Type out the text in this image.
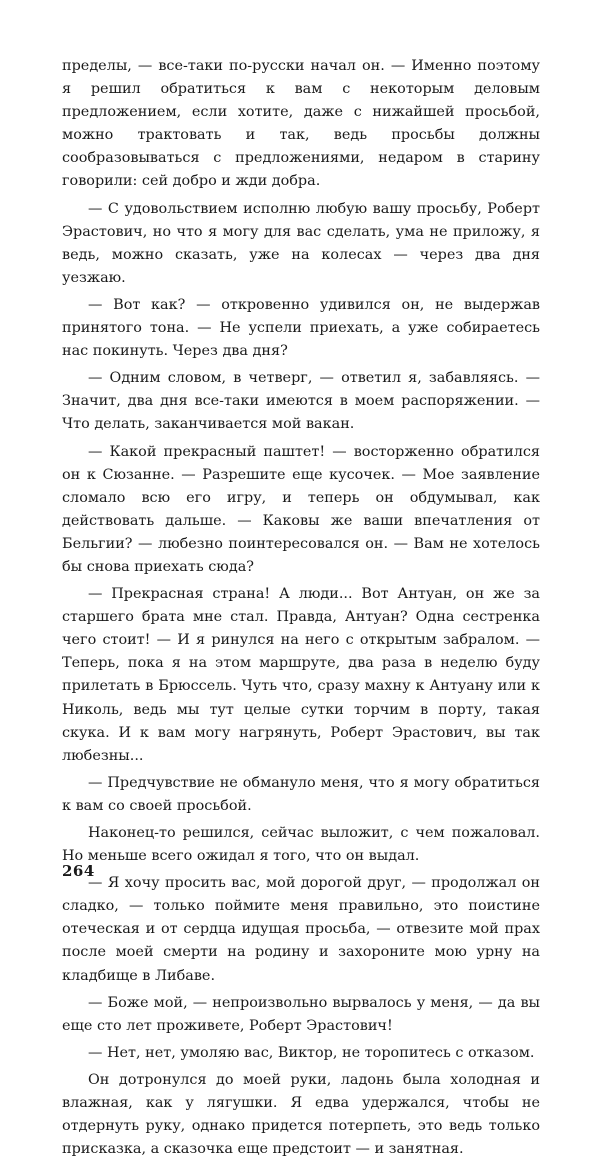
пределы, — все-таки по-русски начал он. — Именно поэтому я решил обратиться к вам с некоторым деловым предложением, если хотите, даже с нижайшей просьбой, можно трактовать и так, ведь просьбы должны сообразовываться с предложениями, недаром в старину говорили: сей добро и жди добра.

— С удовольствием исполню любую вашу просьбу, Роберт Эрастович, но что я могу для вас сделать, ума не приложу, я ведь, можно сказать, уже на колесах — через два дня уезжаю.

— Вот как? — откровенно удивился он, не выдержав принятого тона. — Не успели приехать, а уже собираетесь нас покинуть. Через два дня?

— Одним словом, в четверг, — ответил я, забавляясь. — Значит, два дня все-таки имеются в моем распоряжении. — Что делать, заканчивается мой вакан.

— Какой прекрасный паштет! — восторженно обратился он к Сюзанне. — Разрешите еще кусочек. — Мое заявление сломало всю его игру, и теперь он обдумывал, как действовать дальше. — Каковы же ваши впечатления от Бельгии? — любезно поинтересовался он. — Вам не хотелось бы снова приехать сюда?

— Прекрасная страна! А люди... Вот Антуан, он же за старшего брата мне стал. Правда, Антуан? Одна сестренка чего стоит! — И я ринулся на него с открытым забралом. — Теперь, пока я на этом маршруте, два раза в неделю буду прилетать в Брюссель. Чуть что, сразу махну к Антуану или к Николь, ведь мы тут целые сутки торчим в порту, такая скука. И к вам могу нагрянуть, Роберт Эрастович, вы так любезны...

— Предчувствие не обмануло меня, что я могу обратиться к вам со своей просьбой.

Наконец-то решился, сейчас выложит, с чем пожаловал. Но меньше всего ожидал я того, что он выдал.

— Я хочу просить вас, мой дорогой друг, — продолжал он сладко, — только поймите меня правильно, это поистине отеческая и от сердца идущая просьба, — отвезите мой прах после моей смерти на родину и захороните мою урну на кладбище в Либаве.

— Боже мой, — непроизвольно вырвалось у меня, — да вы еще сто лет проживете, Роберт Эрастович!

— Нет, нет, умоляю вас, Виктор, не торопитесь с отказом.

Он дотронулся до моей руки, ладонь была холодная и влажная, как у лягушки. Я едва удержался, чтобы не отдернуть руку, однако придется потерпеть, это ведь только присказка, а сказочка еще предстоит — и занятная.

264
